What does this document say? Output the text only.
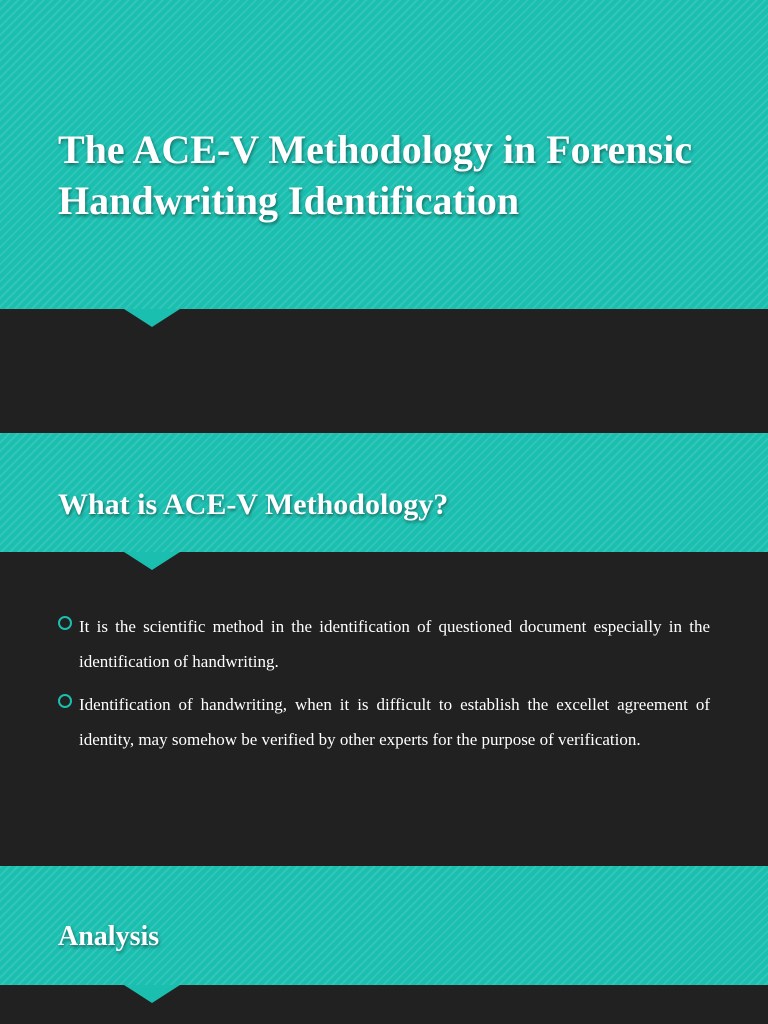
The ACE-V Methodology in Forensic Handwriting Identification
What is ACE-V Methodology?
It is the scientific method in the identification of questioned document especially in the identification of handwriting.
Identification of handwriting, when it is difficult to establish the excellet agreement of identity, may somehow be verified by other experts for the purpose of verification.
Analysis
